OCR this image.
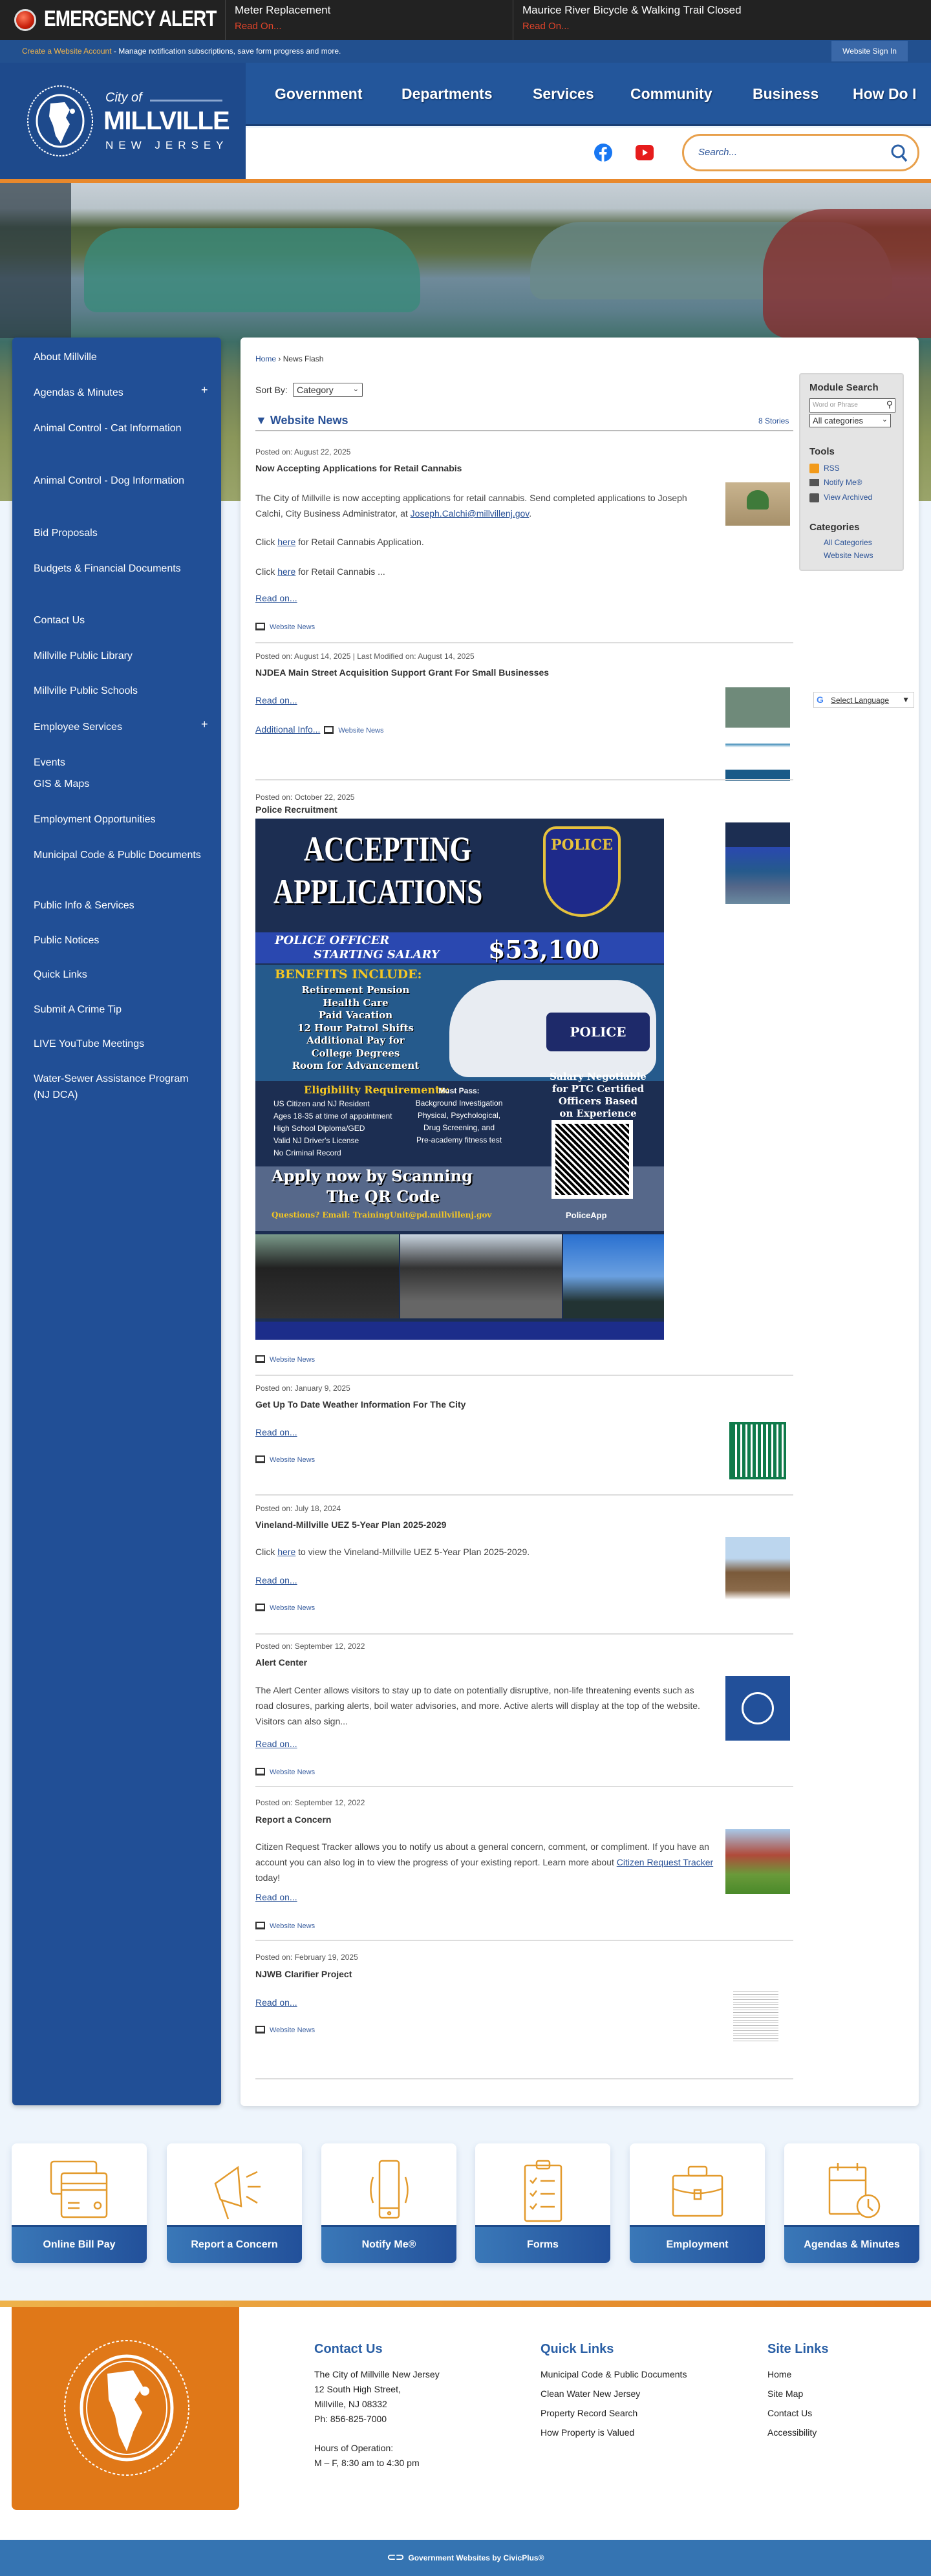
EMERGENCY ALERT Meter Replacement
Read On...
Maurice River Bicycle & Walking Trail Closed
Read On...
Create a Website Account - Manage notification subscriptions, save form progress and more.	Website Sign In
City of
MILLVILLE
NEW JERSEY
Government	Departments	Services Community	Business How Do I
Search...
About Millville
Agendas & Minutes	+
Animal Control - Cat Information
Animal Control - Dog Information
Bid Proposals
Budgets & Financial Documents
Contact Us
Millville Public Library
Millville Public Schools
Employee Services	+
Events
GIS & Maps
Employment Opportunities
Municipal Code & Public Documents
Public Info & Services
Public Notices
Quick Links
Submit A Crime Tip
LIVE YouTube Meetings
Water-Sewer Assistance Program (NJ DCA)
Home › News Flash
Sort By:	Category	⌄
▼ Website News	8 Stories
Posted on: August 22, 2025
Now Accepting Applications for Retail Cannabis
The City of Millville is now accepting applications for retail cannabis. Send completed applications to Joseph Calchi, City Business Administrator, at Joseph.Calchi@millvillenj.gov.
Click here for Retail Cannabis Application.
Click here for Retail Cannabis ...
Read on...
Website News
Posted on: August 14, 2025 | Last Modified on: August 14, 2025
NJDEA Main Street Acquisition Support Grant For Small Businesses
Read on...
Additional Info...	Website News
Posted on: October 22, 2025
Police Recruitment
ACCEPTING
APPLICATIONS
POLICE
POLICE OFFICER
STARTING SALARY $53,100
BENEFITS INCLUDE:
Retirement Pension
Health Care
Paid Vacation
12 Hour Patrol Shifts
Additional Pay for
College Degrees
Room for Advancement
POLICE
Eligibility Requirements:
US Citizen and NJ Resident
Ages 18-35 at time of appointment
High School Diploma/GED
Valid NJ Driver's License
No Criminal Record
Must Pass:
Background Investigation
Physical, Psychological,
Drug Screening, and
Pre-academy fitness test
Salary Negotiable
for PTC Certified
Officers Based
on Experience
Apply now by Scanning
The QR Code
Questions? Email: TrainingUnit@pd.millvillenj.gov	PoliceApp
Website News
Posted on: January 9, 2025
Get Up To Date Weather Information For The City
Read on...
Website News
Posted on: July 18, 2024
Vineland-Millville UEZ 5-Year Plan 2025-2029
Click here to view the Vineland-Millville UEZ 5-Year Plan 2025-2029.
Read on...
Website News
Posted on: September 12, 2022
Alert Center
The Alert Center allows visitors to stay up to date on potentially disruptive, non-life threatening events such as road closures, parking alerts, boil water advisories, and more. Active alerts will display at the top of the website. Visitors can also sign...
Read on...
Website News
Posted on: September 12, 2022
Report a Concern
Citizen Request Tracker allows you to notify us about a general concern, comment, or compliment. If you have an account you can also log in to view the progress of your existing report. Learn more about Citizen Request Tracker today!
Read on...
Website News
Posted on: February 19, 2025
NJWB Clarifier Project
Read on...
Website News
Module Search
Word or Phrase	⚲
All categories	⌄
Tools
RSS
Notify Me®
View Archived
Categories
All Categories
Website News
G Select Language ▼
Online Bill Pay	Report a Concern	Notify Me®	Forms	Employment	Agendas & Minutes
Contact Us	Quick Links	Site Links
The City of Millville New Jersey
12 South High Street,
Millville, NJ 08332
Ph: 856-825-7000
Hours of Operation:
M – F, 8:30 am to 4:30 pm
Municipal Code & Public Documents
Clean Water New Jersey
Property Record Search
How Property is Valued
Home
Site Map
Contact Us
Accessibility
⊂⊃ Government Websites by CivicPlus®
